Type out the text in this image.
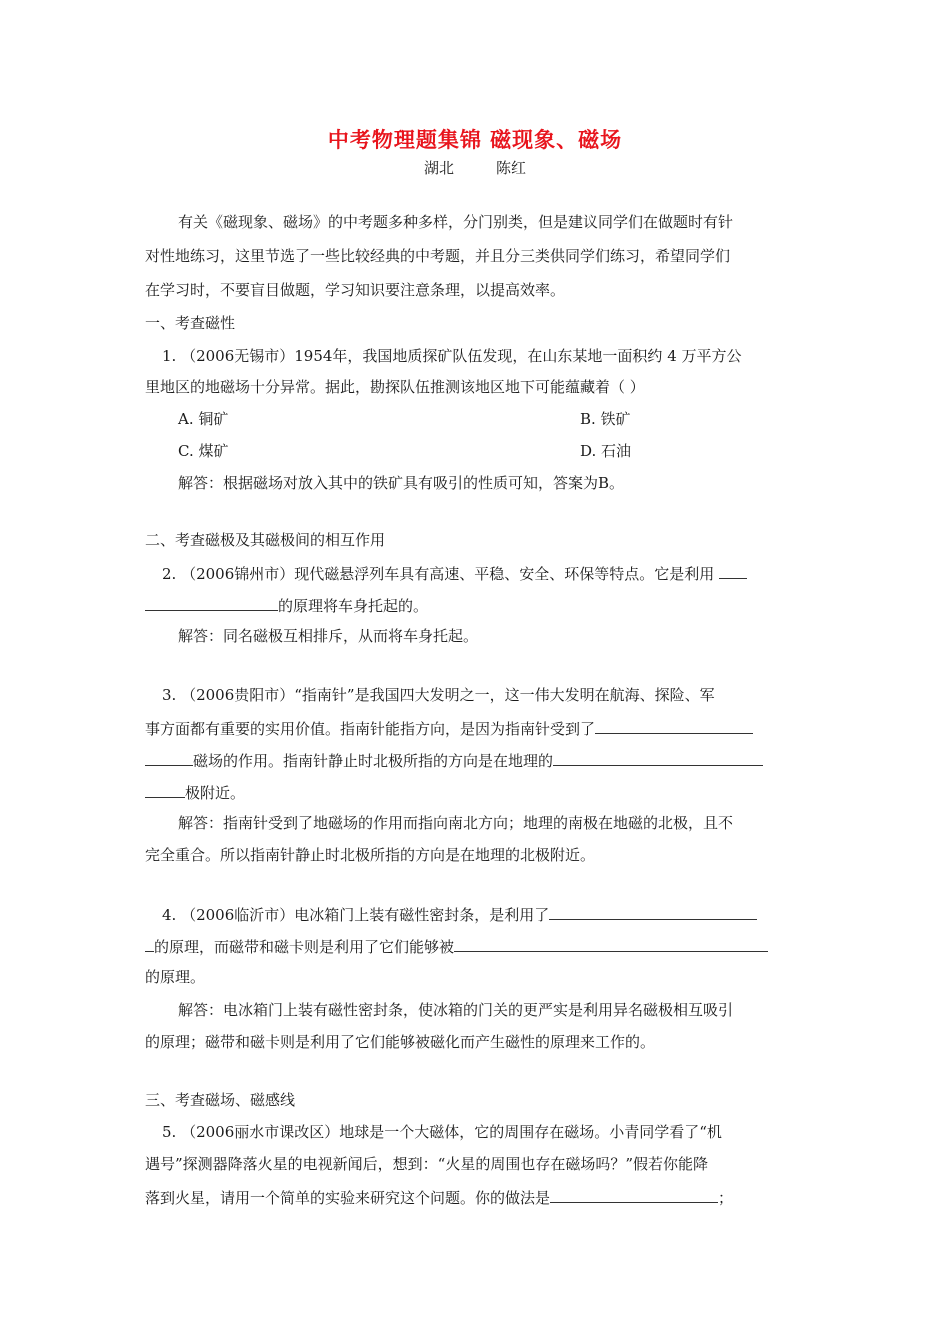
中考物理题集锦 磁现象、磁场
湖北	陈红
有关《磁现象、磁场》的中考题多种多样，分门别类，但是建议同学们在做题时有针
对性地练习，这里节选了一些比较经典的中考题，并且分三类供同学们练习，希望同学们
在学习时，不要盲目做题，学习知识要注意条理，以提高效率。
一、考查磁性
1. （2006无锡市）1954年，我国地质探矿队伍发现，在山东某地一面积约 4 万平方公
里地区的地磁场十分异常。据此，勘探队伍推测该地区地下可能蕴藏着（ ）
A. 铜矿	B. 铁矿
C. 煤矿	D. 石油
解答：根据磁场对放入其中的铁矿具有吸引的性质可知，答案为B。
二、考查磁极及其磁极间的相互作用
2. （2006锦州市）现代磁悬浮列车具有高速、平稳、安全、环保等特点。它是利用
的原理将车身托起的。
解答：同名磁极互相排斥，从而将车身托起。
3. （2006贵阳市）“指南针”是我国四大发明之一，这一伟大发明在航海、探险、军
事方面都有重要的实用价值。指南针能指方向，是因为指南针受到了
磁场的作用。指南针静止时北极所指的方向是在地理的
极附近。
解答：指南针受到了地磁场的作用而指向南北方向；地理的南极在地磁的北极，且不
完全重合。所以指南针静止时北极所指的方向是在地理的北极附近。
4. （2006临沂市）电冰箱门上装有磁性密封条，是利用了
的原理，而磁带和磁卡则是利用了它们能够被
的原理。
解答：电冰箱门上装有磁性密封条，使冰箱的门关的更严实是利用异名磁极相互吸引
的原理；磁带和磁卡则是利用了它们能够被磁化而产生磁性的原理来工作的。
三、考查磁场、磁感线
5. （2006丽水市课改区）地球是一个大磁体，它的周围存在磁场。小青同学看了“机
遇号”探测器降落火星的电视新闻后，想到：“火星的周围也存在磁场吗？”假若你能降
落到火星，请用一个简单的实验来研究这个问题。你的做法是	；
